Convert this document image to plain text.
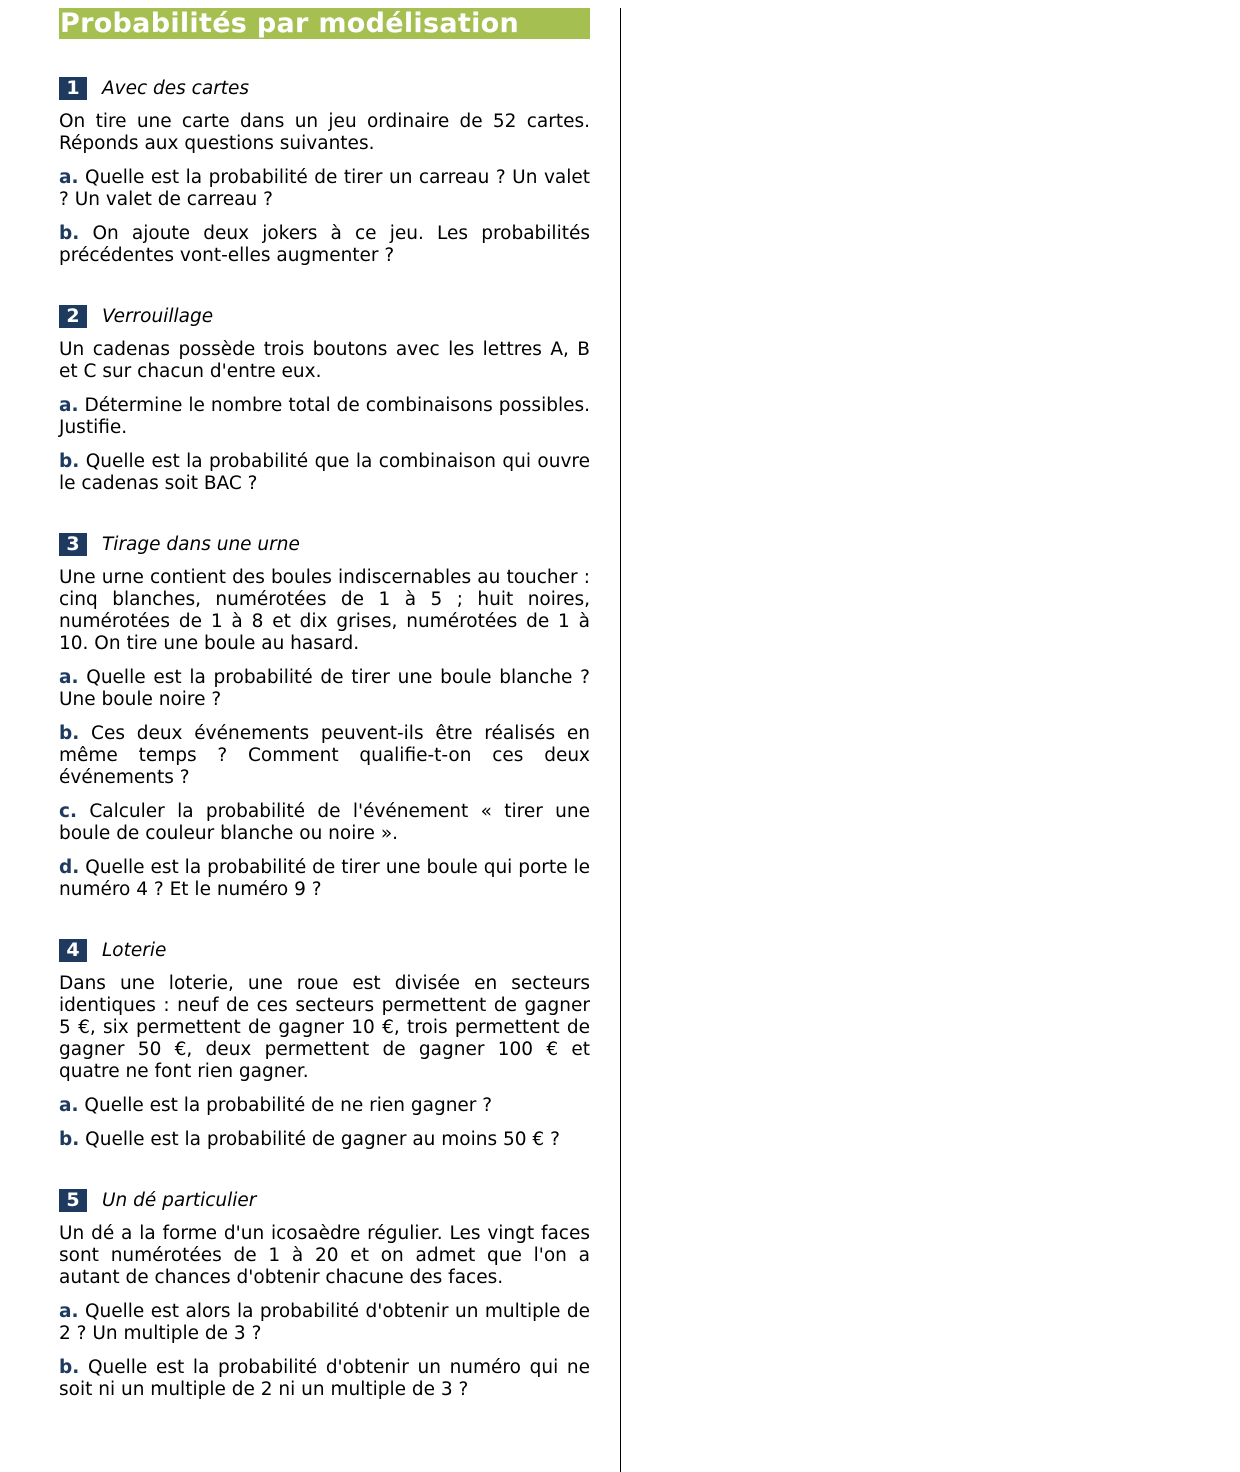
Probabilités par modélisation
1	Avec des cartes

On tire une carte dans un jeu ordinaire de 52 cartes. Réponds aux questions suivantes.

a. Quelle est la probabilité de tirer un carreau ? Un valet ? Un valet de carreau ?

b. On ajoute deux jokers à ce jeu. Les probabilités précédentes vont-elles augmenter ?

2	Verrouillage

Un cadenas possède trois boutons avec les lettres A, B et C sur chacun d'entre eux.

a. Détermine le nombre total de combinaisons possibles. Justifie.

b. Quelle est la probabilité que la combinaison qui ouvre le cadenas soit BAC ?

3	Tirage dans une urne

Une urne contient des boules indiscernables au toucher : cinq blanches, numérotées de 1 à 5 ; huit noires, numérotées de 1 à 8 et dix grises, numérotées de 1 à 10. On tire une boule au hasard.

a. Quelle est la probabilité de tirer une boule blanche ? Une boule noire ?

b. Ces deux événements peuvent-ils être réalisés en même temps ? Comment qualifie-t-on ces deux événements ?

c. Calculer la probabilité de l'événement « tirer une boule de couleur blanche ou noire ».

d. Quelle est la probabilité de tirer une boule qui porte le numéro 4 ? Et le numéro 9 ?

4	Loterie

Dans une loterie, une roue est divisée en secteurs identiques : neuf de ces secteurs permettent de gagner 5 €, six permettent de gagner 10 €, trois permettent de gagner 50 €, deux permettent de gagner 100 € et quatre ne font rien gagner.

a. Quelle est la probabilité de ne rien gagner ?

b. Quelle est la probabilité de gagner au moins 50 € ?

5	Un dé particulier

Un dé a la forme d'un icosaèdre régulier. Les vingt faces sont numérotées de 1 à 20 et on admet que l'on a autant de chances d'obtenir chacune des faces.

a. Quelle est alors la probabilité d'obtenir un multiple de 2 ? Un multiple de 3 ?

b. Quelle est la probabilité d'obtenir un numéro qui ne soit ni un multiple de 2 ni un multiple de 3 ?
